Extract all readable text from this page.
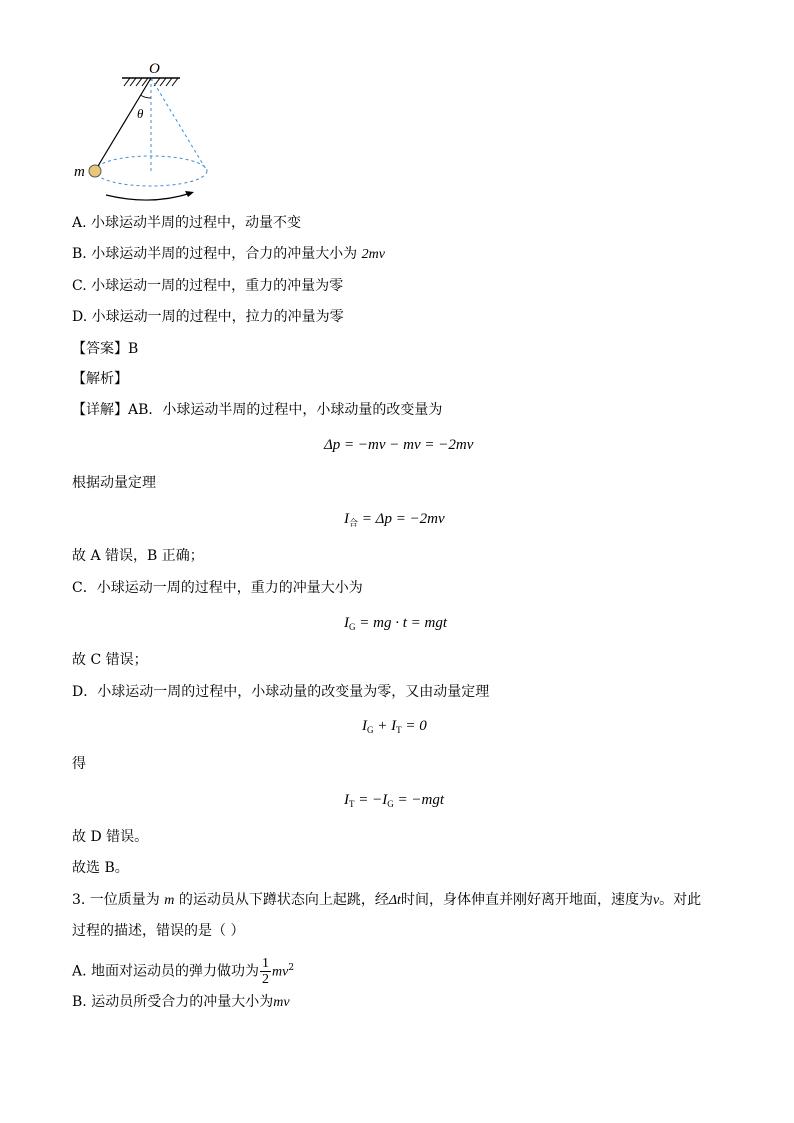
O
θ
m
A. 小球运动半周的过程中，动量不变
B. 小球运动半周的过程中，合力的冲量大小为 2mv
C. 小球运动一周的过程中，重力的冲量为零
D. 小球运动一周的过程中，拉力的冲量为零
【答案】B
【解析】
【详解】AB．小球运动半周的过程中，小球动量的改变量为
Δp = −mv − mv = −2mv
根据动量定理
$I_合 = \Delta p = -2mv$
故 A 错误，B 正确；
C．小球运动一周的过程中，重力的冲量大小为
$I_G$ = mg · t = mgt
故 C 错误；
D．小球运动一周的过程中，小球动量的改变量为零，又由动量定理
$I_G + I_T = 0$
得
$I_T = -I_G = -mgt$
故 D 错误。
故选 B。
3. 一位质量为 m 的运动员从下蹲状态向上起跳，经Δt时间，身体伸直并刚好离开地面，速度为v。对此
过程的描述，错误的是（ ）
A. 地面对运动员的弹力做功为 $\frac{1}{2} mv^2$
B. 运动员所受合力的冲量大小为mv
